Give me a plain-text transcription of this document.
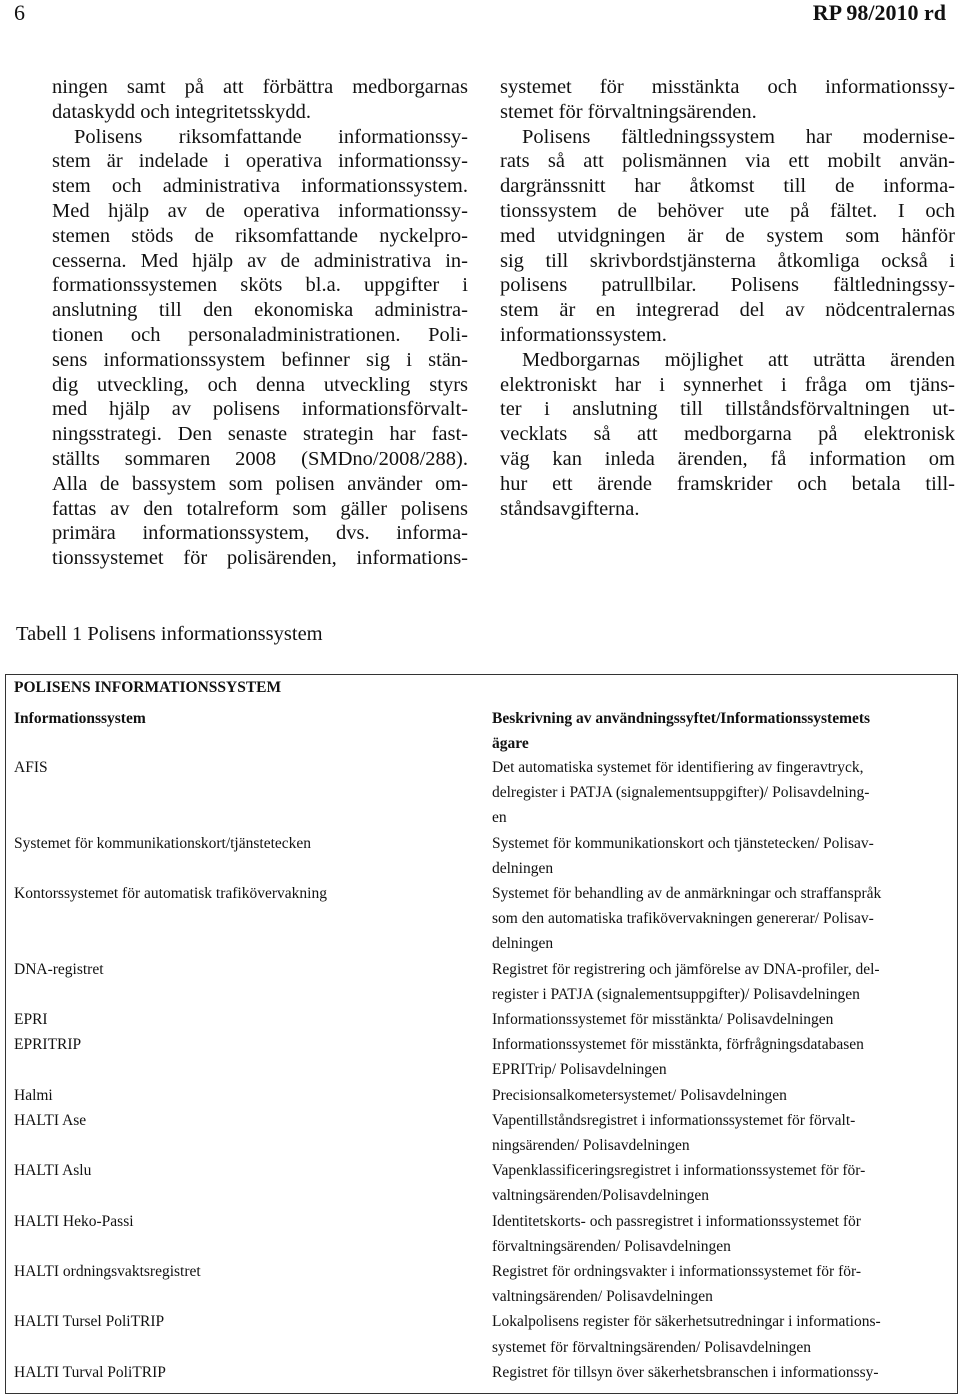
6	RP 98/2010 rd
ningen samt på att förbättra medborgarnas
dataskydd och integritetsskydd.
Polisens riksomfattande informationssy-
stem är indelade i operativa informationssy-
stem och administrativa informationssystem.
Med hjälp av de operativa informationssy-
stemen stöds de riksomfattande nyckelpro-
cesserna. Med hjälp av de administrativa in-
formationssystemen sköts bl.a. uppgifter i
anslutning till den ekonomiska administra-
tionen och personaladministrationen. Poli-
sens informationssystem befinner sig i stän-
dig utveckling, och denna utveckling styrs
med hjälp av polisens informationsförvalt-
ningsstrategi. Den senaste strategin har fast-
ställts sommaren 2008 (SMDno/2008/288).
Alla de bassystem som polisen använder om-
fattas av den totalreform som gäller polisens
primära informationssystem, dvs. informa-
tionssystemet för polisärenden, informations-
systemet för misstänkta och informationssy-
stemet för förvaltningsärenden.
Polisens fältledningssystem har modernise-
rats så att polismännen via ett mobilt använ-
dargränssnitt har åtkomst till de informa-
tionssystem de behöver ute på fältet. I och
med utvidgningen är de system som hänför
sig till skrivbordstjänsterna åtkomliga också i
polisens patrullbilar. Polisens fältledningssy-
stem är en integrerad del av nödcentralernas
informationssystem.
Medborgarnas möjlighet att uträtta ärenden
elektroniskt har i synnerhet i fråga om tjäns-
ter i anslutning till tillståndsförvaltningen ut-
vecklats så att medborgarna på elektronisk
väg kan inleda ärenden, få information om
hur ett ärende framskrider och betala till-
ståndsavgifterna.
Tabell 1 Polisens informationssystem
POLISENS INFORMATIONSSYSTEM
Informationssystem	Beskrivning av användningssyftet/Informationssystemets
ägare
AFIS	Det automatiska systemet för identifiering av fingeravtryck,
delregister i PATJA (signalementsuppgifter)/ Polisavdelning-
en
Systemet för kommunikationskort/tjänstetecken	Systemet för kommunikationskort och tjänstetecken/ Polisav-
delningen
Kontorssystemet för automatisk trafikövervakning	Systemet för behandling av de anmärkningar och straffanspråk
som den automatiska trafikövervakningen genererar/ Polisav-
delningen
DNA-registret	Registret för registrering och jämförelse av DNA-profiler, del-
register i PATJA (signalementsuppgifter)/ Polisavdelningen
EPRI	Informationssystemet för misstänkta/ Polisavdelningen
EPRITRIP	Informationssystemet för misstänkta, förfrågningsdatabasen
EPRITrip/ Polisavdelningen
Halmi	Precisionsalkometersystemet/ Polisavdelningen
HALTI Ase	Vapentillståndsregistret i informationssystemet för förvalt-
ningsärenden/ Polisavdelningen
HALTI Aslu	Vapenklassificeringsregistret i informationssystemet för för-
valtningsärenden/Polisavdelningen
HALTI Heko-Passi	Identitetskorts- och passregistret i informationssystemet för
förvaltningsärenden/ Polisavdelningen
HALTI ordningsvaktsregistret	Registret för ordningsvakter i informationssystemet för för-
valtningsärenden/ Polisavdelningen
HALTI Tursel PoliTRIP	Lokalpolisens register för säkerhetsutredningar i informations-
systemet för förvaltningsärenden/ Polisavdelningen
HALTI Turval PoliTRIP	Registret för tillsyn över säkerhetsbranschen i informationssy-
